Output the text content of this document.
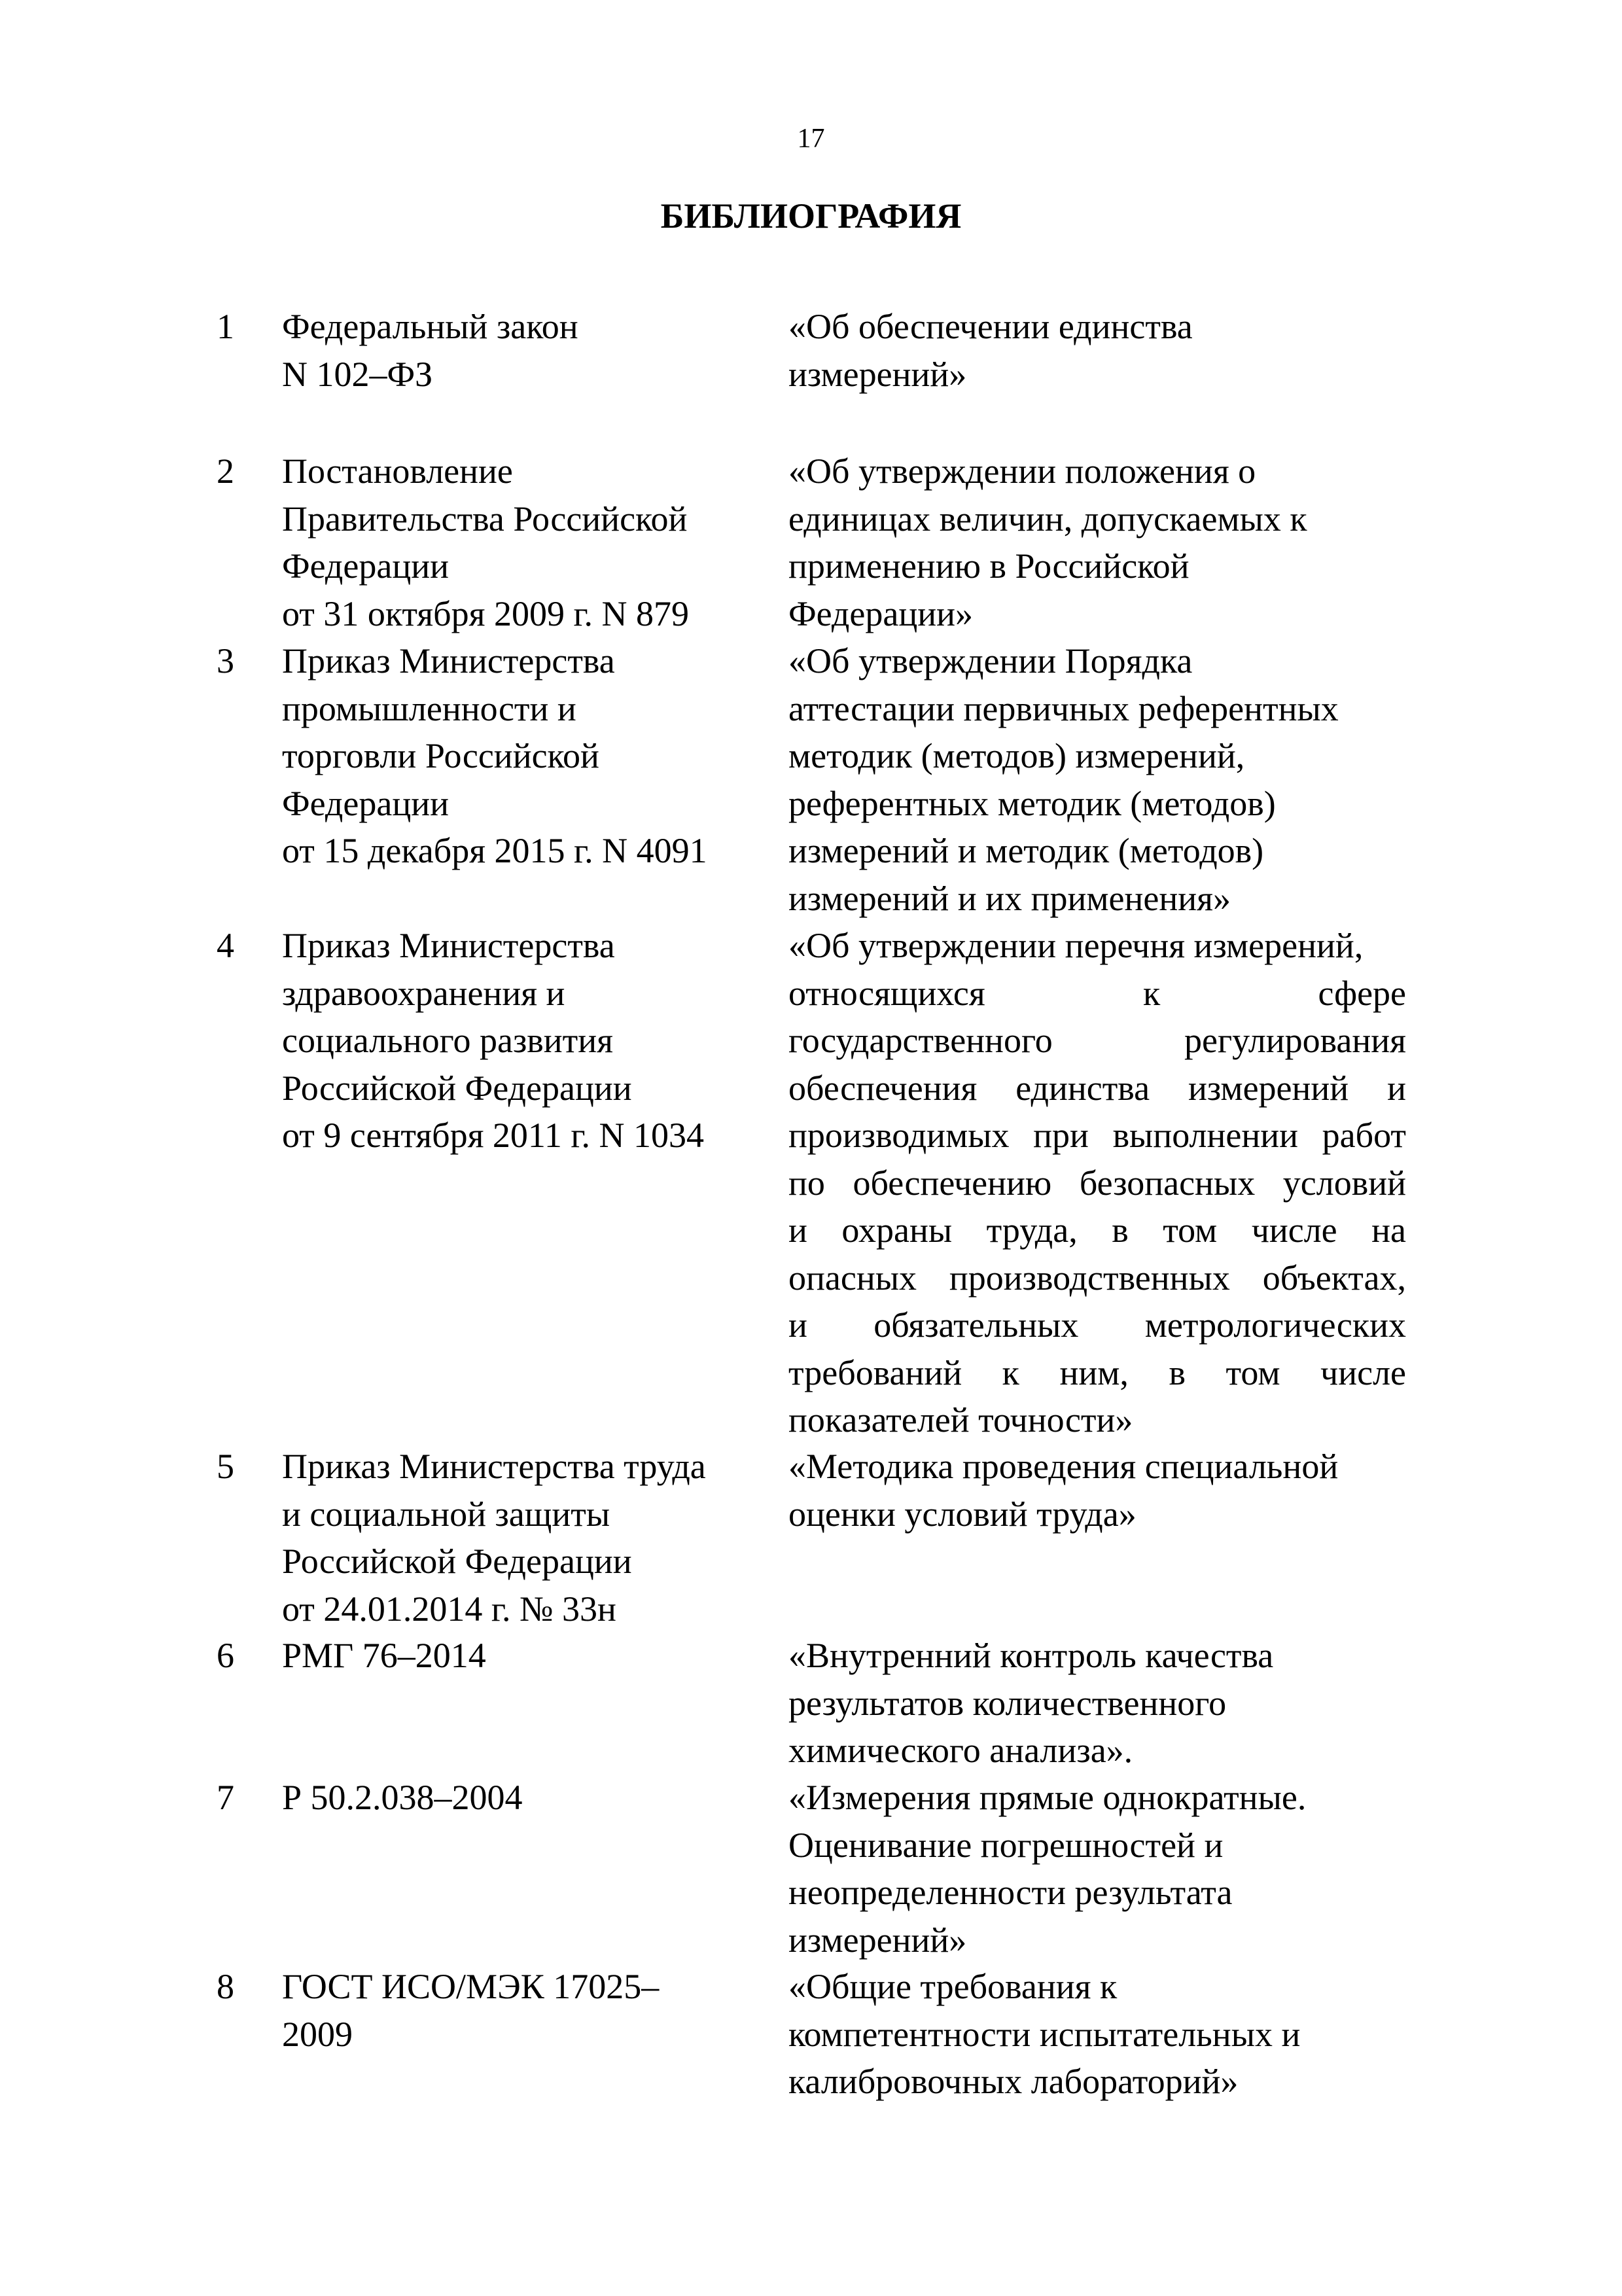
17
БИБЛИОГРАФИЯ
1 Федеральный закон
N 102–ФЗ
«Об обеспечении единства
измерений»
2 Постановление
Правительства Российской
Федерации
от 31 октября 2009 г. N 879
«Об утверждении положения о
единицах величин, допускаемых к
применению в Российской
Федерации»
3 Приказ Министерства
промышленности и
торговли Российской
Федерации
от 15 декабря 2015 г. N 4091
«Об утверждении Порядка
аттестации первичных референтных
методик (методов) измерений,
референтных методик (методов)
измерений и методик (методов)
измерений и их применения»
4 Приказ Министерства
здравоохранения и
социального развития
Российской Федерации
от 9 сентября 2011 г. N 1034
«Об утверждении перечня измерений,
относящихся к сфере
государственного регулирования
обеспечения единства измерений и
производимых при выполнении работ
по обеспечению безопасных условий
и охраны труда, в том числе на
опасных производственных объектах,
и обязательных метрологических
требований к ним, в том числе
показателей точности»
5 Приказ Министерства труда
и социальной защиты
Российской Федерации
от 24.01.2014 г. № 33н
«Методика проведения специальной
оценки условий труда»
6 РМГ 76–2014	«Внутренний контроль качества
результатов количественного
химического анализа».
7 Р 50.2.038–2004	«Измерения прямые однократные.
Оценивание погрешностей и
неопределенности результата
измерений»
8 ГОСТ ИСО/МЭК 17025–
2009
«Общие требования к
компетентности испытательных и
калибровочных лабораторий»
